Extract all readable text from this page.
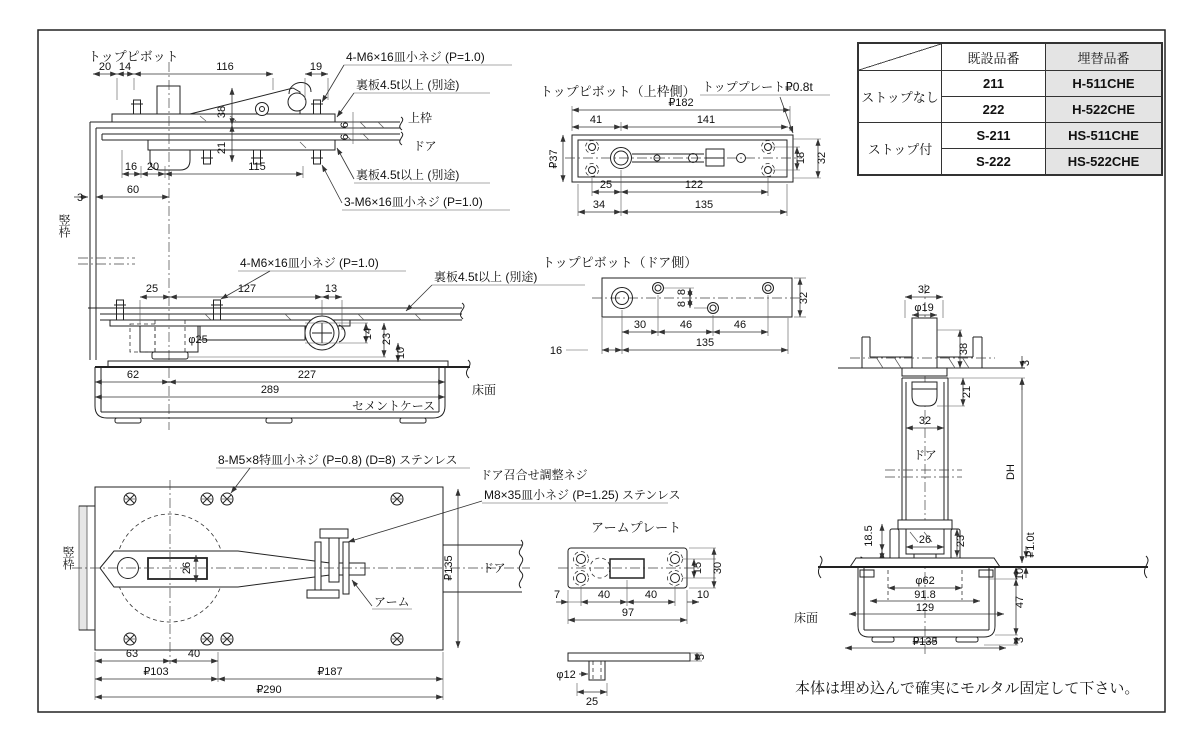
トップピボット
20 14	116	19
38
21
6
6
16 20	115
3
60
4-M6×16皿小ネジ (P=1.0)
裏板4.5t以上 (別途)
上枠
ドア
裏板4.5t以上 (別途)
3-M6×16皿小ネジ (P=1.0)
竪枠
25	127	13
φ25	14 23
10
62	227
289
4-M6×16皿小ネジ (P=1.0)
裏板4.5t以上 (別途)
セメントケース
床面
8-M5×8特皿小ネジ (P=0.8) (D=8) ステンレス
ドア召合せ調整ネジ
M8×35皿小ネジ (P=1.25) ステンレス
ドア
26	₽135
アーム
竪枠
63	40
₽103	₽187
₽290
トップピボット（上枠側） トッププレート₽0.8t
₽182
41	141
₽37	18 32
25	122
34	135
トップピボット（ドア側）
8
8	32
30	46	46
16
135
アームプレート
15 30
7	40	40	10
97
5
φ12
25
32
φ19
38
3
21
32
ドア
DH
26 23
18.5
φ62
91.8
129
₽135
₽1.0t
10
47
3
床面
本体は埋め込んで確実にモルタル固定して下さい。
既設品番	埋替品番
ストップなし
211	H-511CHE
222	H-522CHE
ストップ付
S-211	HS-511CHE
S-222	HS-522CHE
